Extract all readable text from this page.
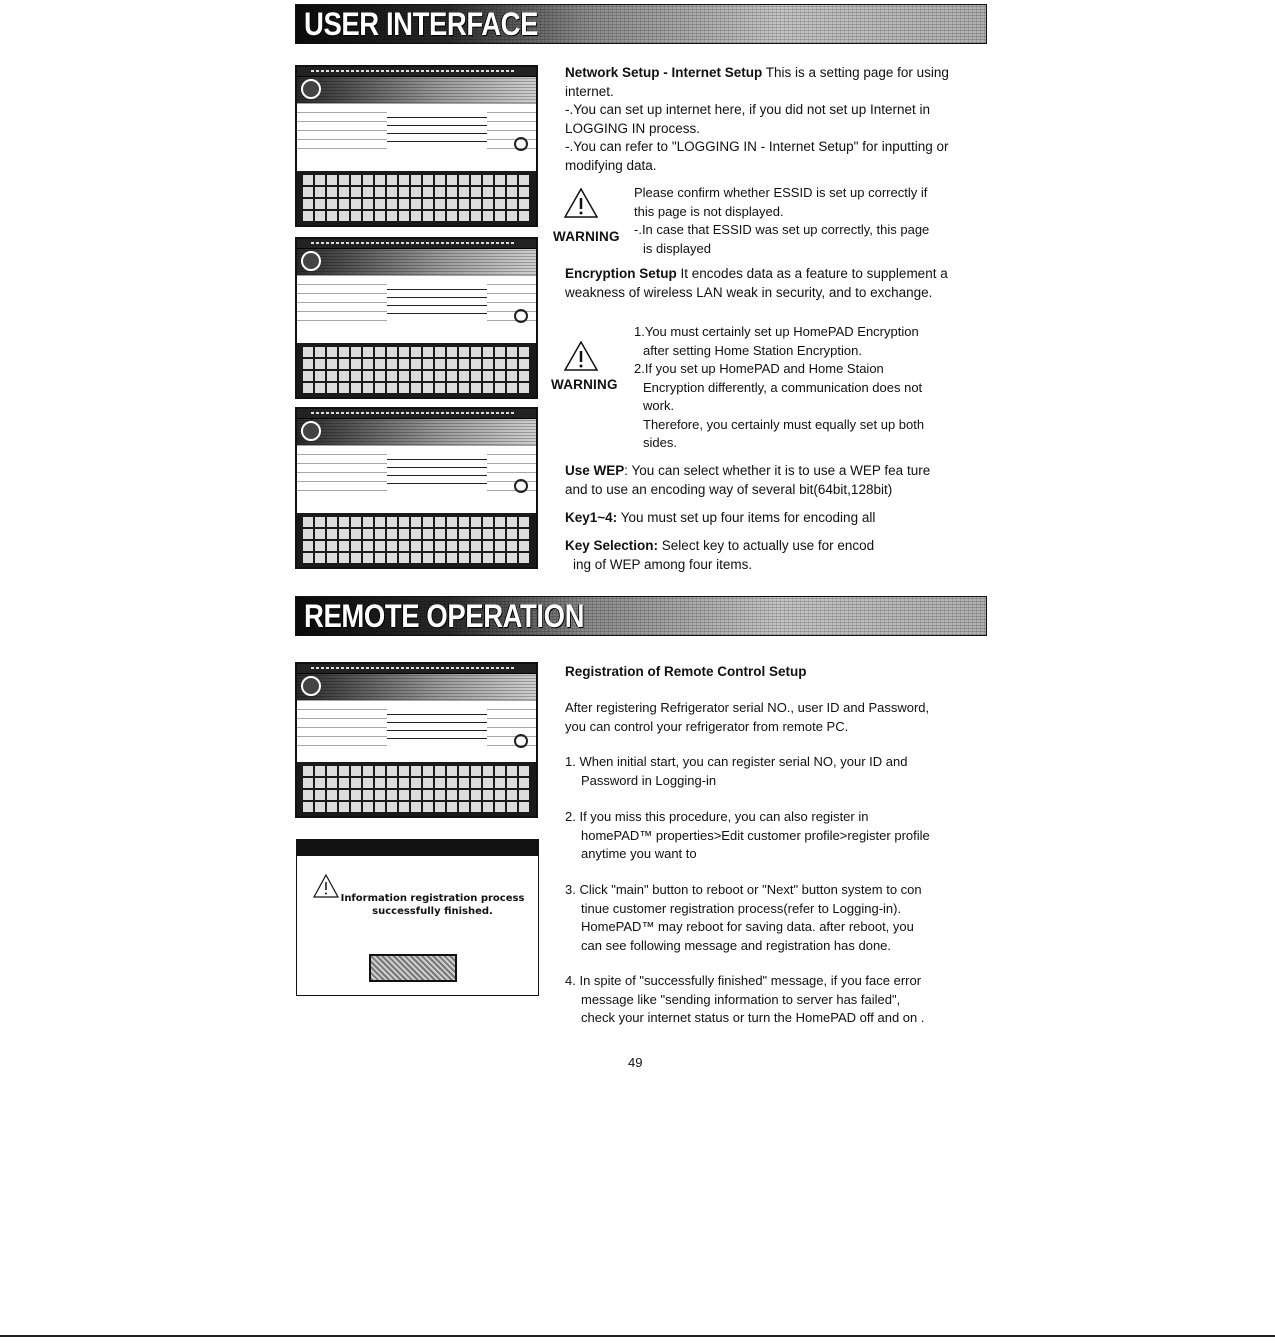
USER INTERFACE
REMOTE OPERATION
Information registration process
successfully finished.
Network Setup - Internet Setup This is a setting page for using
internet.
-.You can set up internet here, if you did not set up Internet in
LOGGING IN process.
-.You can refer to "LOGGING IN - Internet Setup" for inputting or
modifying data.
WARNING
Please confirm whether ESSID is set up correctly if
this page is not displayed.
-.In case that ESSID was set up correctly, this page
is displayed
Encryption Setup It encodes data as a feature to supplement a
weakness of wireless LAN weak in security, and to exchange.
WARNING
1.You must certainly set up HomePAD Encryption
after setting Home Station Encryption.
2.If you set up HomePAD and Home Staion
Encryption differently, a communication does not
work.
Therefore, you certainly must equally set up both
sides.
Use WEP: You can select whether it is to use a WEP fea ture
and to use an encoding way of several bit(64bit,128bit)
Key1~4: You must set up four items for encoding all
Key Selection: Select key to actually use for encod
ing of WEP among four items.
Registration of Remote Control Setup
After registering Refrigerator serial NO., user ID and Password,
you can control your refrigerator from remote PC.
1. When initial start, you can register serial NO, your ID and
Password in Logging-in
2. If you miss this procedure, you can also register in
homePAD™ properties>Edit customer profile>register profile
anytime you want to
3. Click "main" button to reboot or "Next" button system to con
tinue customer registration process(refer to Logging-in).
HomePAD™ may reboot for saving data. after reboot, you
can see following message and registration has done.
4. In spite of "successfully finished" message, if you face error
message like "sending information to server has failed",
check your internet status or turn the HomePAD off and on .
49
